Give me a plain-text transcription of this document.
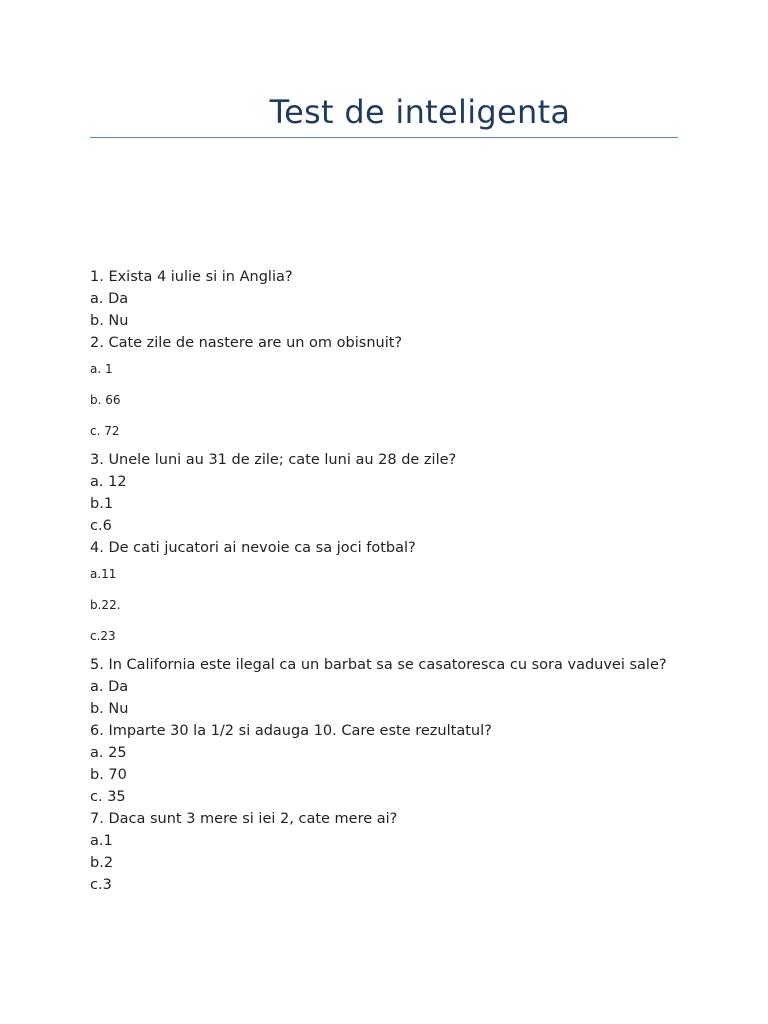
Test de inteligenta
1. Exista 4 iulie si in Anglia?
a. Da
b. Nu
2. Cate zile de nastere are un om obisnuit?
a. 1
b. 66
c. 72
3. Unele luni au 31 de zile; cate luni au 28 de zile?
a. 12
b.1
c.6
4. De cati jucatori ai nevoie ca sa joci fotbal?
a.11
b.22.
c.23
5. In California este ilegal ca un barbat sa se casatoresca cu sora vaduvei sale?
a. Da
b. Nu
6. Imparte 30 la 1/2 si adauga 10. Care este rezultatul?
a. 25
b. 70
c. 35
7. Daca sunt 3 mere si iei 2, cate mere ai?
a.1
b.2
c.3
